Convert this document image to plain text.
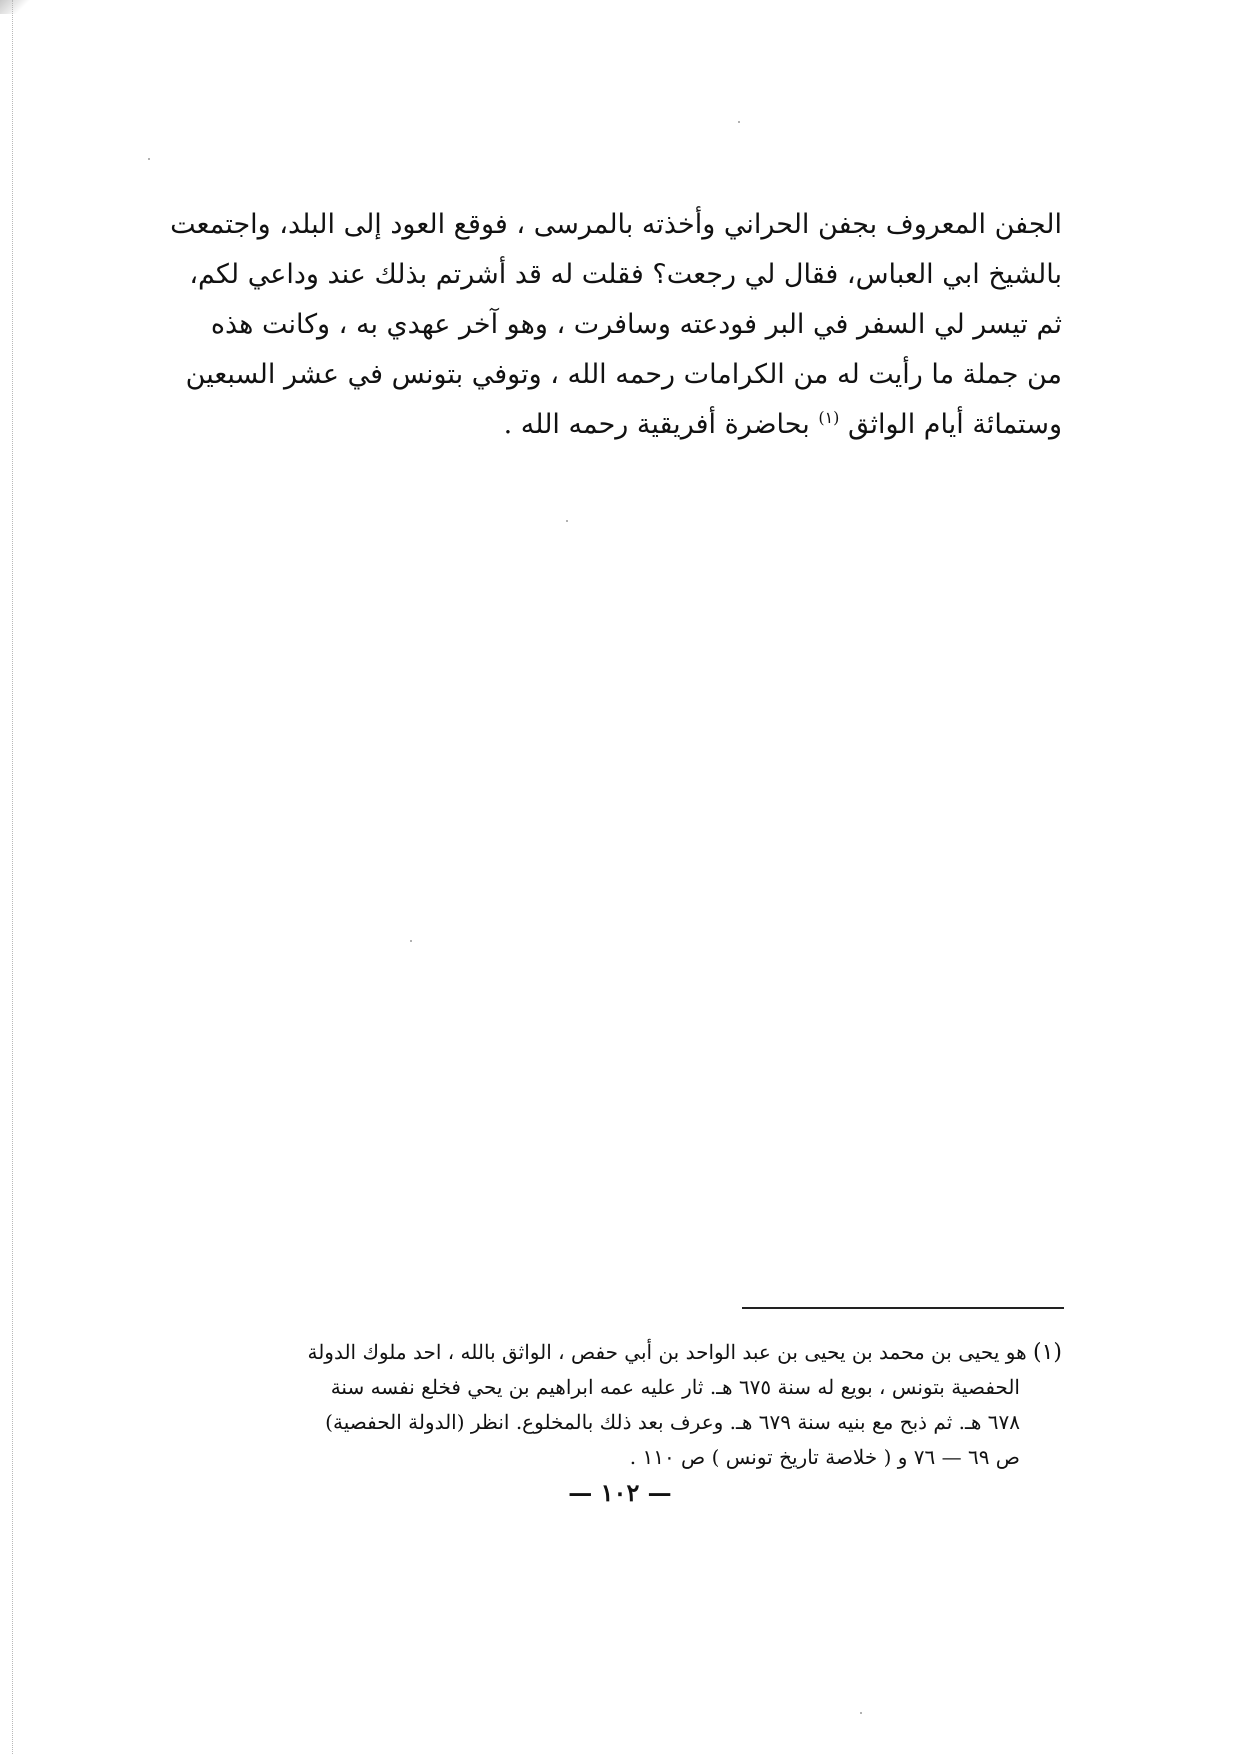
الجفن المعروف بجفن الحراني وأخذته بالمرسى ، فوقع العود إلى البلد، واجتمعت
بالشيخ ابي العباس، فقال لي رجعت؟ فقلت له قد أشرتم بذلك عند وداعي لكم،
ثم تيسر لي السفر في البر فودعته وسافرت ، وهو آخر عهدي به ، وكانت هذه
من جملة ما رأيت له من الكرامات رحمه الله ، وتوفي بتونس في عشر السبعين
وستمائة أيام الواثق $^{(١)}$ بحاضرة أفريقية رحمه الله .
(١) هو يحيى بن محمد بن يحيى بن عبد الواحد بن أبي حفص ، الواثق بالله ، احد ملوك الدولة
الحفصية بتونس ، بويع له سنة ٦٧٥ هـ. ثار عليه عمه ابراهيم بن يحي فخلع نفسه سنة
٦٧٨ هـ. ثم ذبح مع بنيه سنة ٦٧٩ هـ. وعرف بعد ذلك بالمخلوع. انظر (الدولة الحفصية)
ص ٦٩ — ٧٦ و ( خلاصة تاريخ تونس ) ص ١١٠ .
— ١٠٢ —
